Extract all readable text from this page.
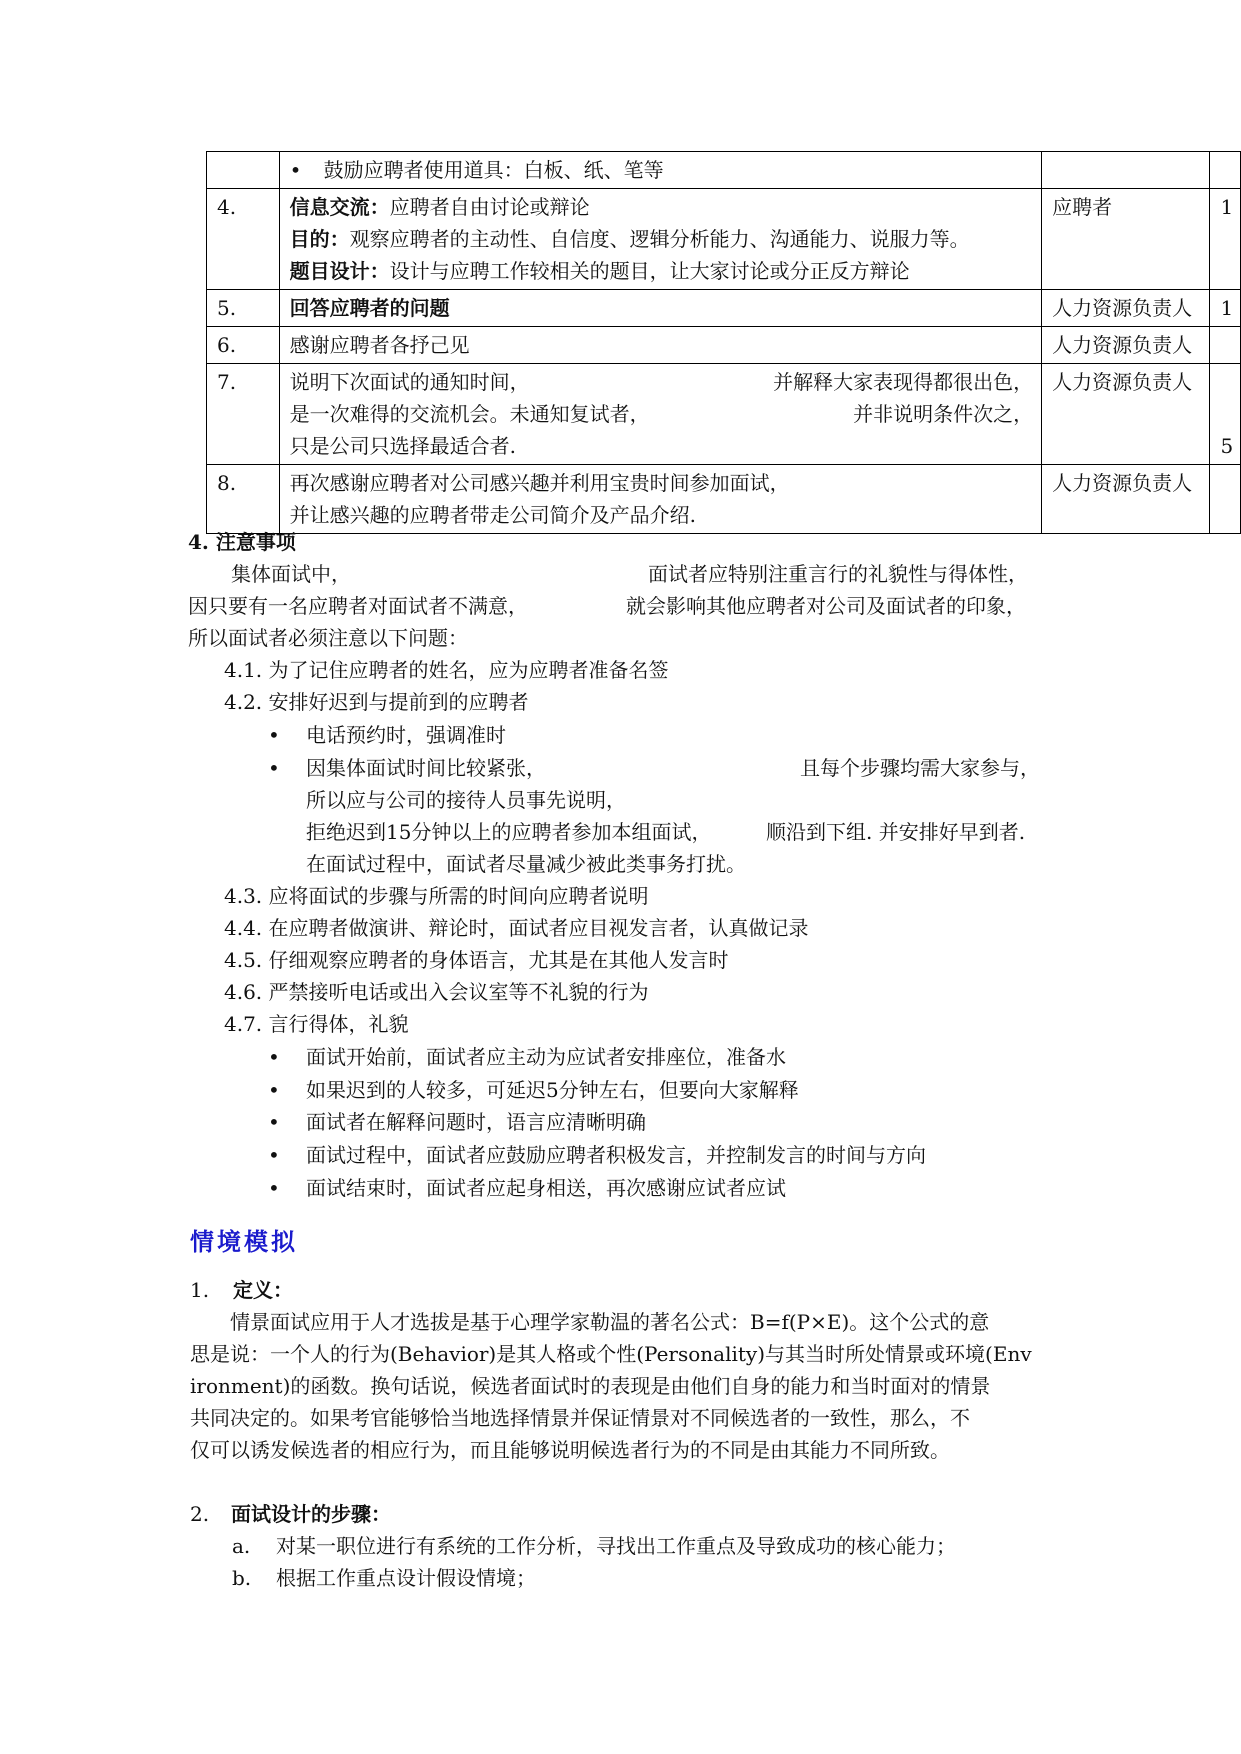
	• 鼓励应聘者使用道具：白板、纸、笔等		
4.	信息交流：应聘者自由讨论或辩论
目的：观察应聘者的主动性、自信度、逻辑分析能力、沟通能力、说服力等。
题目设计：设计与应聘工作较相关的题目，让大家讨论或分正反方辩论	应聘者	1
5.	回答应聘者的问题	人力资源负责人	1
6.	感谢应聘者各抒己见	人力资源负责人	
7.	说明下次面试的通知时间， 并解释大家表现得都很出色，
是一次难得的交流机会。未通知复试者， 并非说明条件次之，
只是公司只选择最适合者.	人力资源负责人	5
8.	再次感谢应聘者对公司感兴趣并利用宝贵时间参加面试，
并让感兴趣的应聘者带走公司简介及产品介绍.	人力资源负责人	
4. 注意事项
集体面试中，	面试者应特别注重言行的礼貌性与得体性，
因只要有一名应聘者对面试者不满意，	就会影响其他应聘者对公司及面试者的印象，
所以面试者必须注意以下问题：
4.1. 为了记住应聘者的姓名，应为应聘者准备名签
4.2. 安排好迟到与提前到的应聘者
• 电话预约时，强调准时
• 因集体面试时间比较紧张，	且每个步骤均需大家参与，
所以应与公司的接待人员事先说明，
拒绝迟到15分钟以上的应聘者参加本组面试，	顺沿到下组. 并安排好早到者.
在面试过程中，面试者尽量减少被此类事务打扰。
4.3. 应将面试的步骤与所需的时间向应聘者说明
4.4. 在应聘者做演讲、辩论时，面试者应目视发言者，认真做记录
4.5. 仔细观察应聘者的身体语言，尤其是在其他人发言时
4.6. 严禁接听电话或出入会议室等不礼貌的行为
4.7. 言行得体，礼貌
• 面试开始前，面试者应主动为应试者安排座位，准备水
• 如果迟到的人较多，可延迟5分钟左右，但要向大家解释
• 面试者在解释问题时，语言应清晰明确
• 面试过程中，面试者应鼓励应聘者积极发言，并控制发言的时间与方向
• 面试结束时，面试者应起身相送，再次感谢应试者应试
情境模拟
1. 定义：
情景面试应用于人才选拔是基于心理学家勒温的著名公式：B=f(P×E)。这个公式的意
思是说：一个人的行为(Behavior)是其人格或个性(Personality)与其当时所处情景或环境(Env
ironment)的函数。换句话说，候选者面试时的表现是由他们自身的能力和当时面对的情景
共同决定的。如果考官能够恰当地选择情景并保证情景对不同候选者的一致性，那么，不
仅可以诱发候选者的相应行为，而且能够说明候选者行为的不同是由其能力不同所致。
2. 面试设计的步骤：
a. 对某一职位进行有系统的工作分析，寻找出工作重点及导致成功的核心能力；
b. 根据工作重点设计假设情境；
